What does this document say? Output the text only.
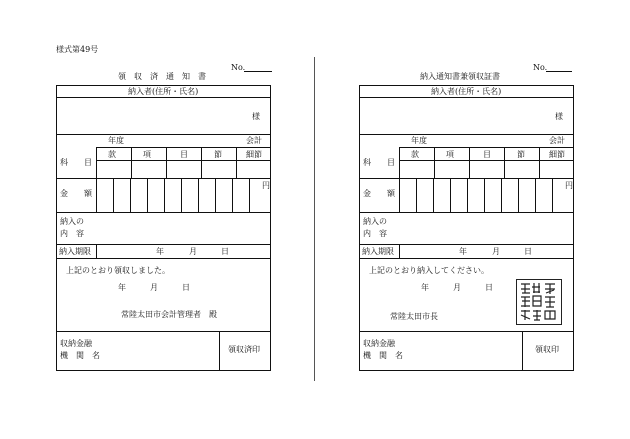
様式第49号
No.
領　収　済　通　知　書
納入者(住所・氏名)
様
年度	会計
科　　目
款	項	目	節	細節
金　　額
円
納入の
内　容
納入期限	年	月	日
上記のとおり領収しました。
年	月	日
常陸太田市会計管理者　殿
収納金融
機　関　名
領収済印
No.
納入通知書兼領収証書
納入者(住所・氏名)
様
年度	会計
科　　目
款	項	目	節	細節
金　　額
円
納入の
内　容
納入期限	年	月	日
上記のとおり納入してください。
年	月	日
常陸太田市長
収納金融
機　関　名
領収印
